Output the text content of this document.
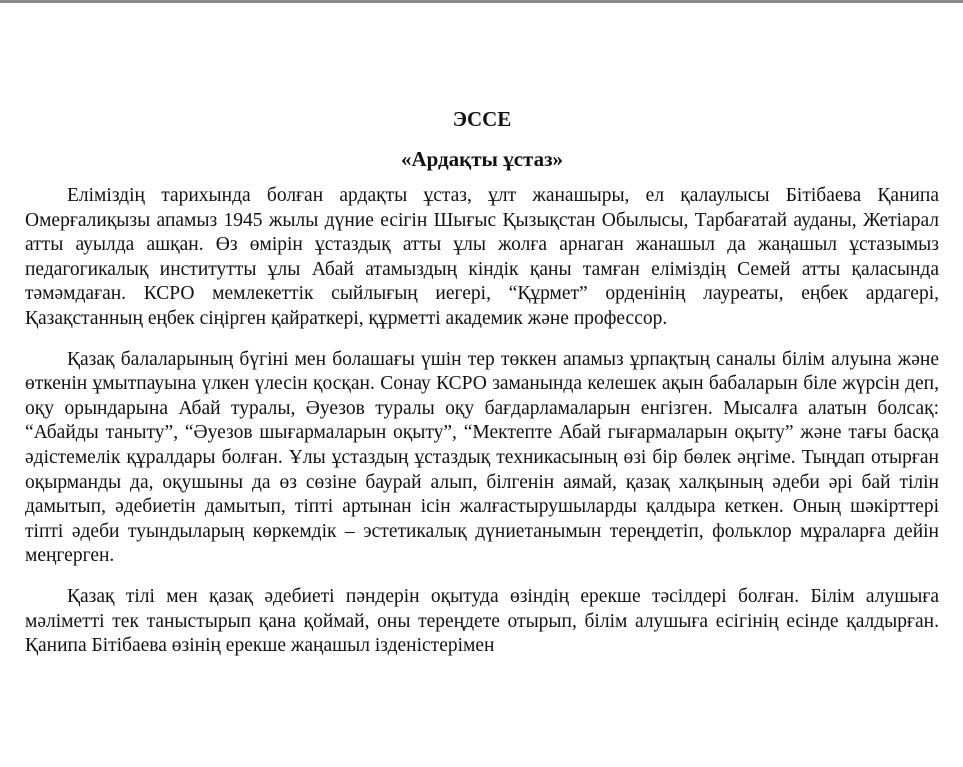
ЭССЕ
«Ардақты ұстаз»

Еліміздің тарихында болған ардақты ұстаз, ұлт жанашыры, ел қалаулысы Бітібаева Қанипа Омерғалиқызы апамыз 1945 жылы дүние есігін Шығыс Қызықстан Обылысы, Тарбағатай ауданы, Жетіарал атты ауылда ашқан. Өз өмірін ұстаздық атты ұлы жолға арнаган жанашыл да жаңашыл ұстазымыз педагогикалық институтты ұлы Абай атамыздың кіндік қаны тамған еліміздің Семей атты қаласында тәмәмдаған. КСРО мемлекеттік сыйлығың иегері, “Құрмет” орденінің лауреаты, еңбек ардагері, Қазақстанның еңбек сіңірген қайраткері, құрметті академик және профессор.

Қазақ балаларының бүгіні мен болашағы үшін тер төккен апамыз ұрпақтың саналы білім алуына және өткенін ұмытпауына үлкен үлесін қосқан. Сонау КСРО заманында келешек ақын бабаларын біле жүрсін деп, оқу орындарына Абай туралы, Әуезов туралы оқу бағдарламаларын енгізген. Мысалға алатын болсақ: “Абайды таныту”, “Әуезов шығармаларын оқыту”, “Мектепте Абай гығармаларын оқыту” және тағы басқа әдістемелік құралдары болған. Ұлы ұстаздың ұстаздық техникасының өзі бір бөлек әңгіме. Тыңдап отырған оқырманды да, оқушыны да өз сөзіне баурай алып, білгенін аямай, қазақ халқының әдеби әрі бай тілін дамытып, әдебиетін дамытып, тіпті артынан ісін жалғастырушыларды қалдыра кеткен. Оның шәкірттері тіпті әдеби туындыларың көркемдік – эстетикалық дүниетанымын тереңдетіп, фольклор мұраларға дейін меңгерген.

Қазақ тілі мен қазақ әдебиеті пәндерін оқытуда өзіндің ерекше тәсілдері болған. Білім алушыға мәліметті тек таныстырып қана қоймай, оны тереңдете отырып, білім алушыға есігінің есінде қалдырған. Қанипа Бітібаева өзінің ерекше жаңашыл ізденістерімен
